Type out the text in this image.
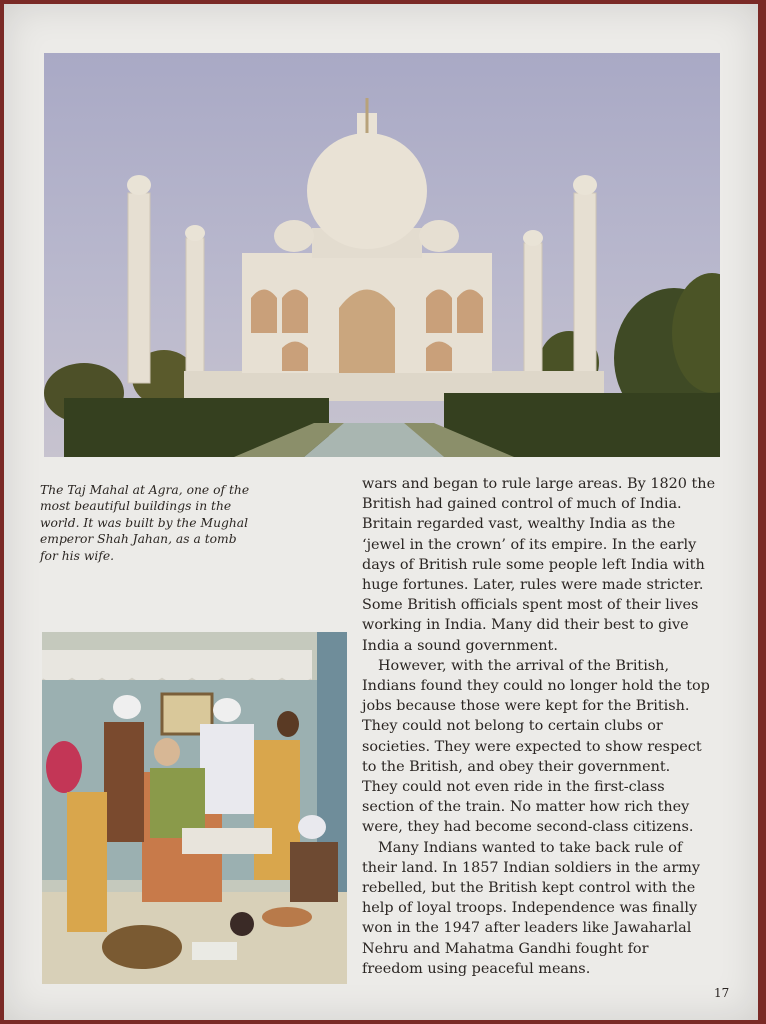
The Taj Mahal at Agra, one of the
most beautiful buildings in the
world. It was built by the Mughal
emperor Shah Jahan, as a tomb
for his wife.
wars and began to rule large areas. By 1820 the
British had gained control of much of India.
Britain regarded vast, wealthy India as the
‘jewel in the crown’ of its empire. In the early
days of British rule some people left India with
huge fortunes. Later, rules were made stricter.
Some British officials spent most of their lives
working in India. Many did their best to give
India a sound government.
However, with the arrival of the British,
Indians found they could no longer hold the top
jobs because those were kept for the British.
They could not belong to certain clubs or
societies. They were expected to show respect
to the British, and obey their government.
They could not even ride in the first-class
section of the train. No matter how rich they
were, they had become second-class citizens.
Many Indians wanted to take back rule of
their land. In 1857 Indian soldiers in the army
rebelled, but the British kept control with the
help of loyal troops. Independence was finally
won in the 1947 after leaders like Jawaharlal
Nehru and Mahatma Gandhi fought for
freedom using peaceful means.
17
